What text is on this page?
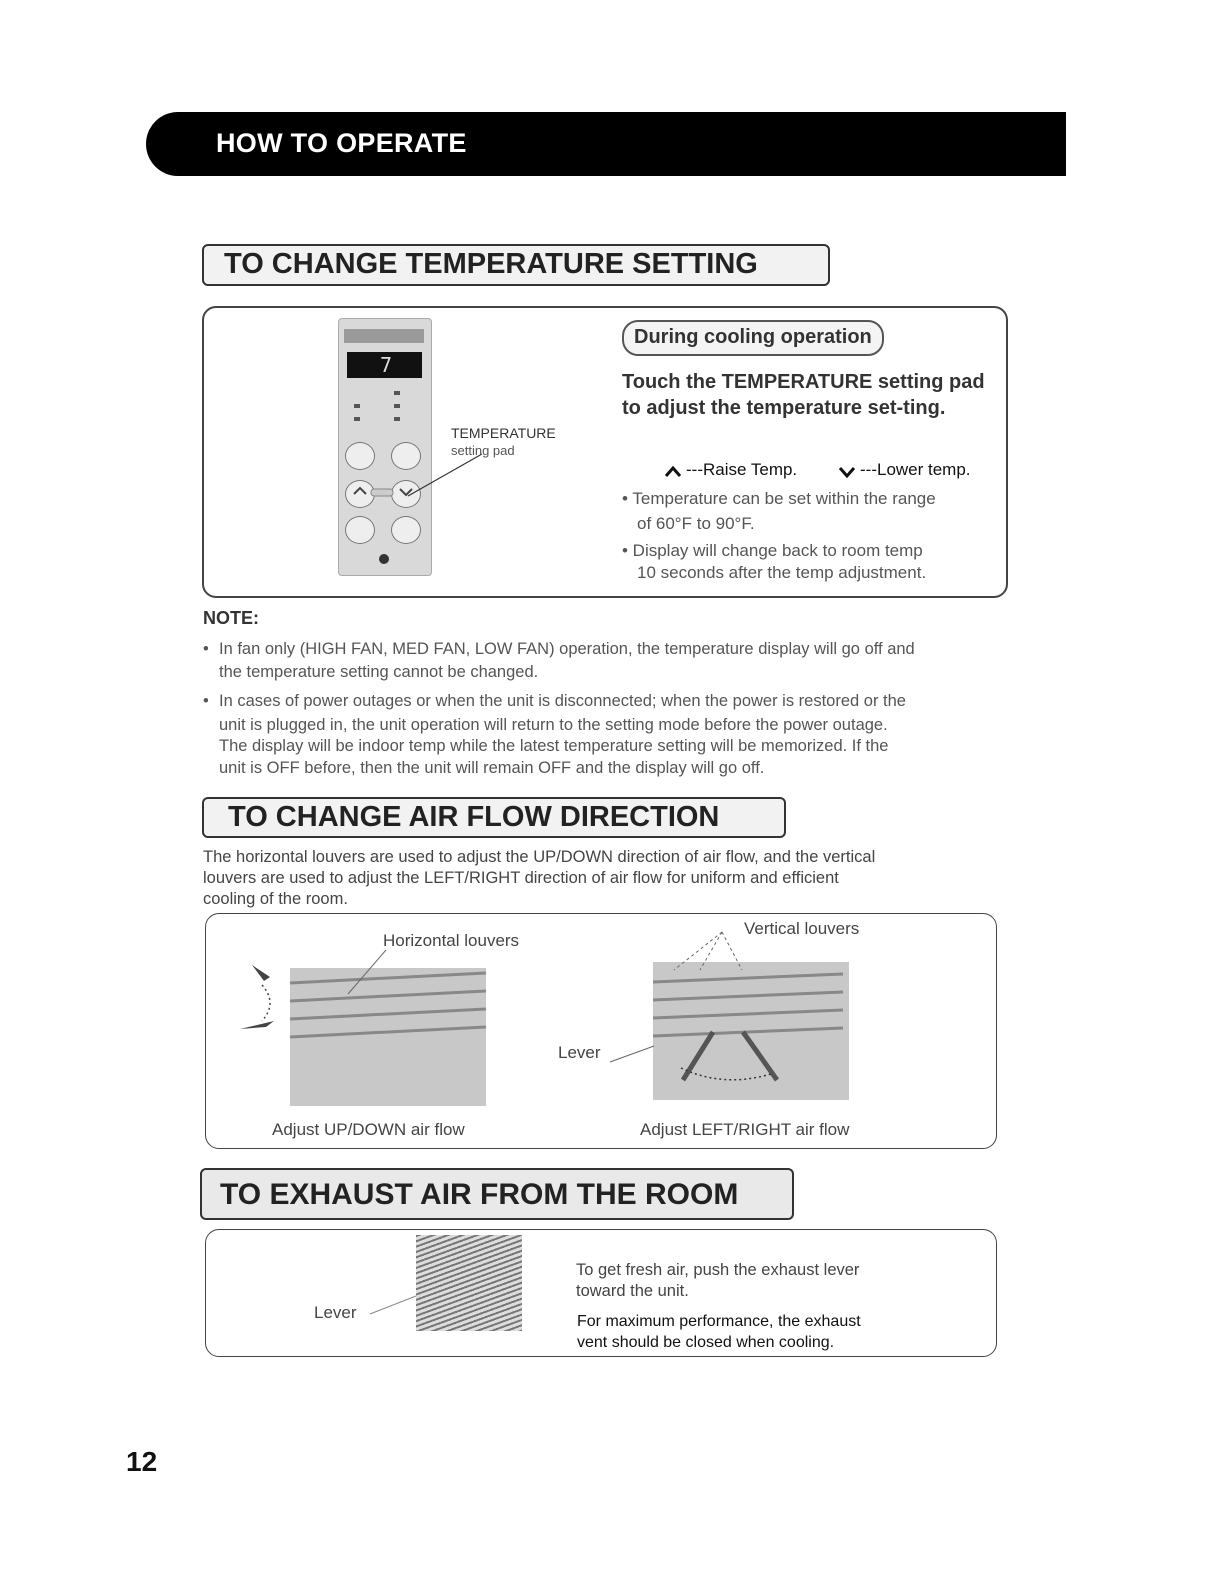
HOW TO OPERATE
TO CHANGE TEMPERATURE SETTING
7
TEMPERATURE
setting pad
During cooling operation
Touch the TEMPERATURE setting pad to adjust the temperature set-ting.
---Raise Temp.	---Lower temp.
• Temperature can be set within the range
of 60°F to 90°F.
• Display will change back to room temp
10 seconds after the temp adjustment.
NOTE:
• In fan only (HIGH FAN, MED FAN, LOW FAN) operation, the temperature display will go off and
the temperature setting cannot be changed.
• In cases of power outages or when the unit is disconnected; when the power is restored or the
unit is plugged in, the unit operation will return to the setting mode before the power outage.
The display will be indoor temp while the latest temperature setting will be memorized. If the
unit is OFF before, then the unit will remain OFF and the display will go off.
TO CHANGE AIR FLOW DIRECTION
The horizontal louvers are used to adjust the UP/DOWN direction of air flow, and the vertical
louvers are used to adjust the LEFT/RIGHT direction of air flow for uniform and efficient
cooling of the room.
Horizontal louvers
Adjust UP/DOWN air flow
Vertical louvers
Lever
Adjust LEFT/RIGHT air flow
TO EXHAUST AIR FROM THE ROOM
Lever
To get fresh air, push the exhaust lever
toward the unit.
For maximum performance, the exhaust
vent should be closed when cooling.
12
